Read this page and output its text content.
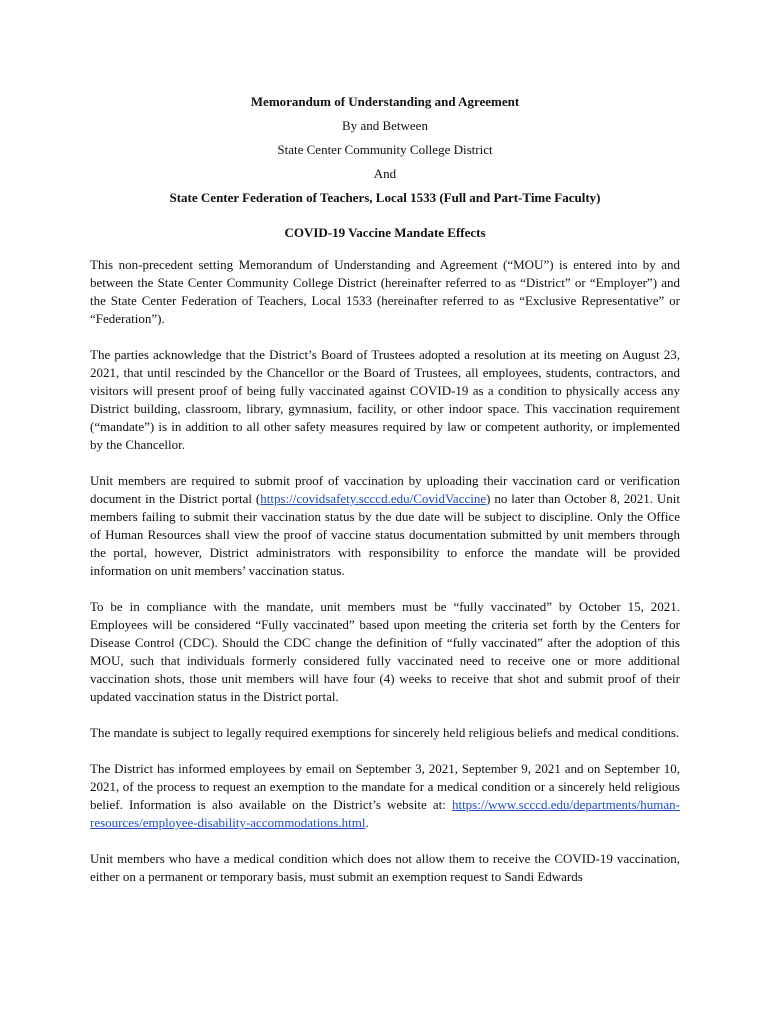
Memorandum of Understanding and Agreement
By and Between
State Center Community College District
And
State Center Federation of Teachers, Local 1533 (Full and Part-Time Faculty)
COVID-19 Vaccine Mandate Effects

This non-precedent setting Memorandum of Understanding and Agreement (“MOU”) is entered into by and between the State Center Community College District (hereinafter referred to as “District” or “Employer”) and the State Center Federation of Teachers, Local 1533 (hereinafter referred to as “Exclusive Representative” or “Federation”).

The parties acknowledge that the District’s Board of Trustees adopted a resolution at its meeting on August 23, 2021, that until rescinded by the Chancellor or the Board of Trustees, all employees, students, contractors, and visitors will present proof of being fully vaccinated against COVID-19 as a condition to physically access any District building, classroom, library, gymnasium, facility, or other indoor space. This vaccination requirement (“mandate”) is in addition to all other safety measures required by law or competent authority, or implemented by the Chancellor.

Unit members are required to submit proof of vaccination by uploading their vaccination card or verification document in the District portal (https://covidsafety.scccd.edu/CovidVaccine) no later than October 8, 2021. Unit members failing to submit their vaccination status by the due date will be subject to discipline. Only the Office of Human Resources shall view the proof of vaccine status documentation submitted by unit members through the portal, however, District administrators with responsibility to enforce the mandate will be provided information on unit members’ vaccination status.

To be in compliance with the mandate, unit members must be “fully vaccinated” by October 15, 2021. Employees will be considered “Fully vaccinated” based upon meeting the criteria set forth by the Centers for Disease Control (CDC). Should the CDC change the definition of “fully vaccinated” after the adoption of this MOU, such that individuals formerly considered fully vaccinated need to receive one or more additional vaccination shots, those unit members will have four (4) weeks to receive that shot and submit proof of their updated vaccination status in the District portal.

The mandate is subject to legally required exemptions for sincerely held religious beliefs and medical conditions.

The District has informed employees by email on September 3, 2021, September 9, 2021 and on September 10, 2021, of the process to request an exemption to the mandate for a medical condition or a sincerely held religious belief. Information is also available on the District’s website at: https://www.scccd.edu/departments/human-resources/employee-disability-accommodations.html.

Unit members who have a medical condition which does not allow them to receive the COVID-19 vaccination, either on a permanent or temporary basis, must submit an exemption request to Sandi Edwards
